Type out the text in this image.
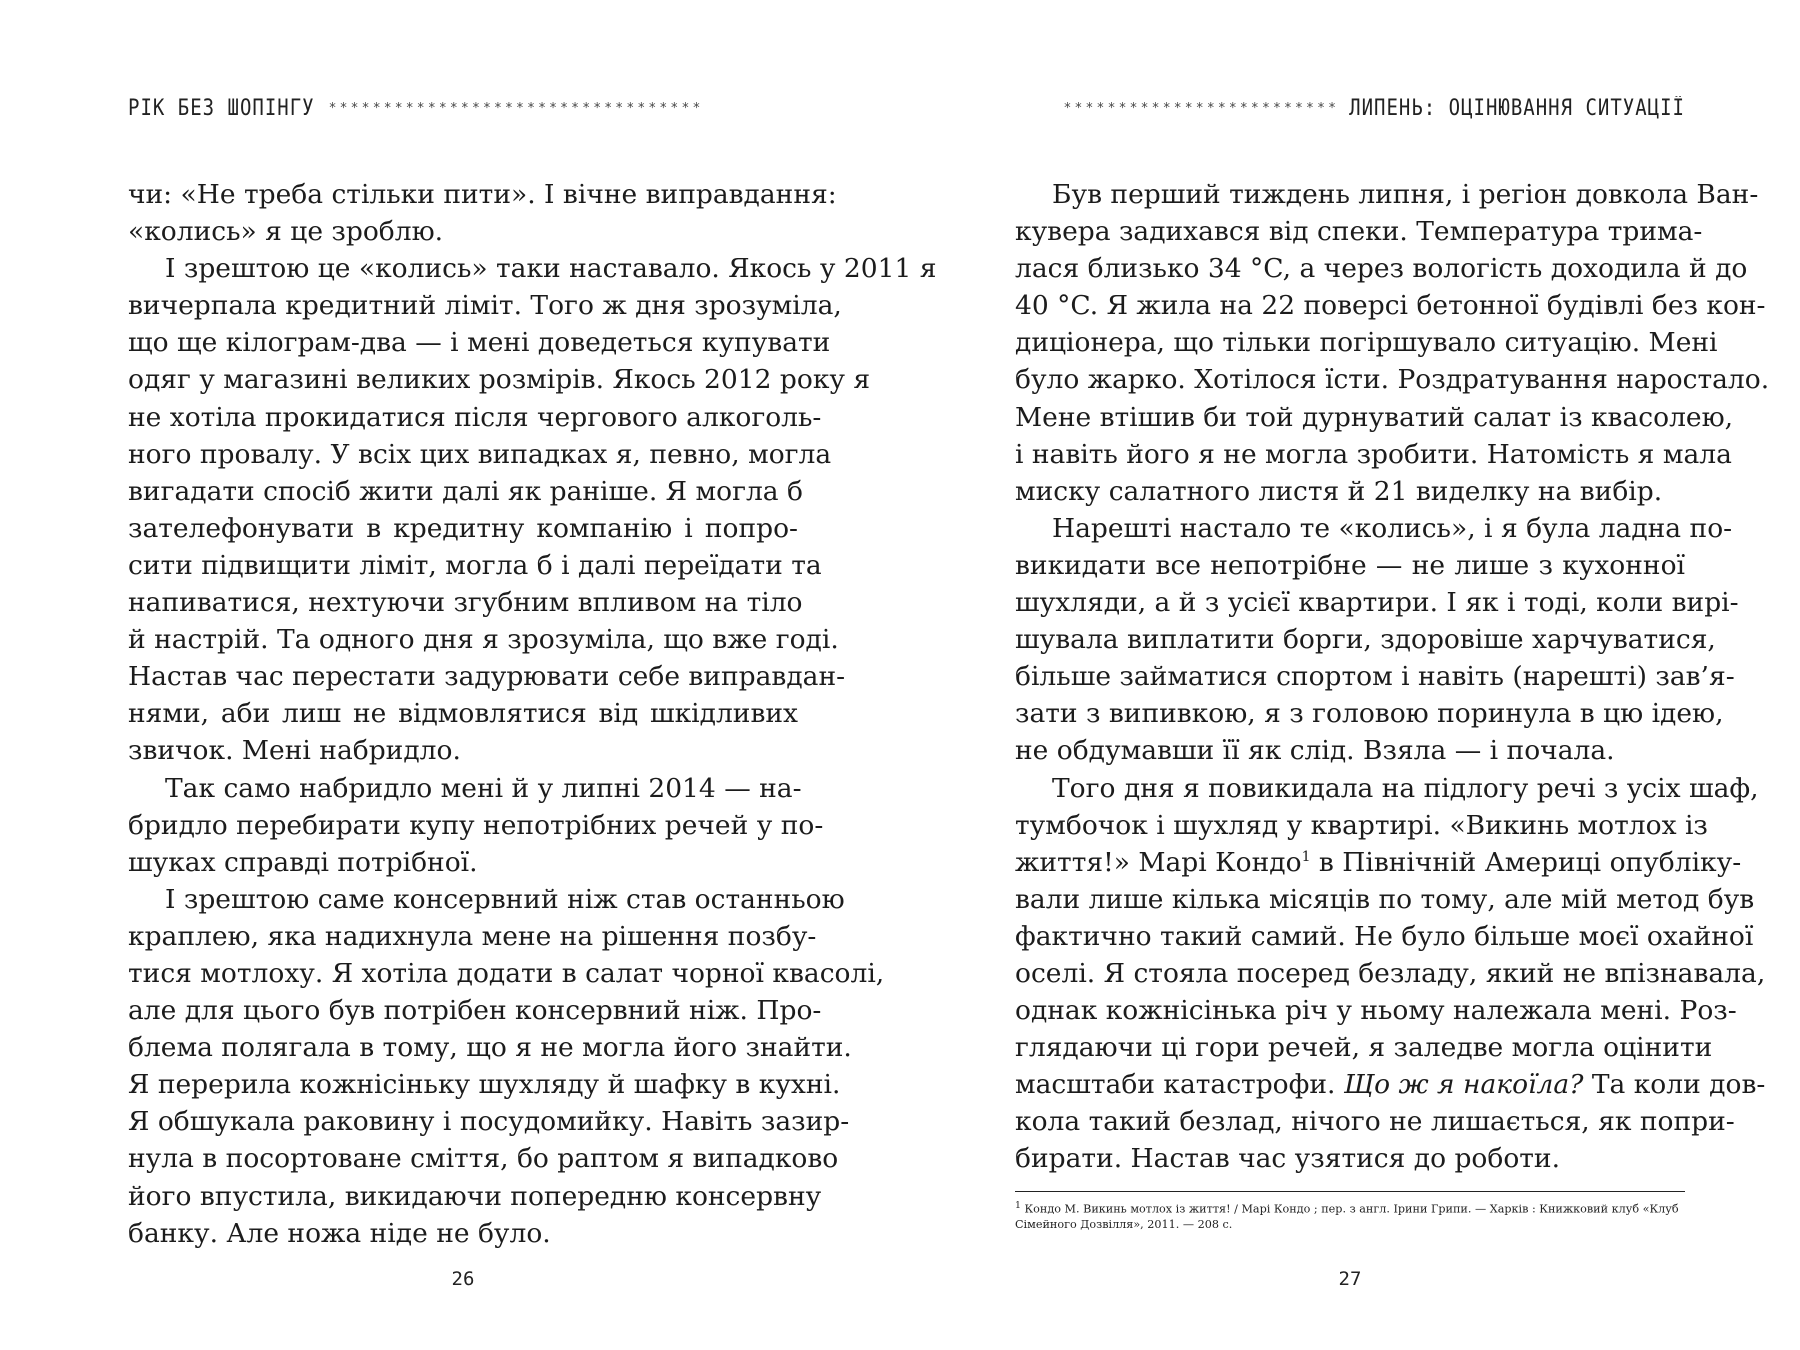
РІК БЕЗ ШОПІНГУ **********************************
чи: «Не треба стільки пити». І вічне виправдання:
«колись» я це зроблю.
І зрештою це «колись» таки наставало. Якось у 2011 я
вичерпала кредитний ліміт. Того ж дня зрозуміла,
що ще кілограм-два — і мені доведеться купувати
одяг у магазині великих розмірів. Якось 2012 року я
не хотіла прокидатися після чергового алкоголь-
ного провалу. У всіх цих випадках я, певно, могла
вигадати спосіб жити далі як раніше. Я могла б
зателефонувати в кредитну компанію і попро-
сити підвищити ліміт, могла б і далі переїдати та
напиватися, нехтуючи згубним впливом на тіло
й настрій. Та одного дня я зрозуміла, що вже годі.
Настав час перестати задурювати себе виправдан-
нями, аби лиш не відмовлятися від шкідливих
звичок. Мені набридло.
Так само набридло мені й у липні 2014 — на-
бридло перебирати купу непотрібних речей у по-
шуках справді потрібної.
І зрештою саме консервний ніж став останньою
краплею, яка надихнула мене на рішення позбу-
тися мотлоху. Я хотіла додати в салат чорної квасолі,
але для цього був потрібен консервний ніж. Про-
блема полягала в тому, що я не могла його знайти.
Я перерила кожнісіньку шухляду й шафку в кухні.
Я обшукала раковину і посудомийку. Навіть зазир-
нула в посортоване сміття, бо раптом я випадково
його впустила, викидаючи попередню консервну
банку. Але ножа ніде не було.
26
************************* ЛИПЕНЬ: ОЦІНЮВАННЯ СИТУАЦІЇ
Був перший тиждень липня, і регіон довкола Ван-
кувера задихався від спеки. Температура трима-
лася близько 34 °C, а через вологість доходила й до
40 °C. Я жила на 22 поверсі бетонної будівлі без кон-
диціонера, що тільки погіршувало ситуацію. Мені
було жарко. Хотілося їсти. Роздратування наростало.
Мене втішив би той дурнуватий салат із квасолею,
і навіть його я не могла зробити. Натомість я мала
миску салатного листя й 21 виделку на вибір.
Нарешті настало те «колись», і я була ладна по-
викидати все непотрібне — не лише з кухонної
шухляди, а й з усієї квартири. І як і тоді, коли вирі-
шувала виплатити борги, здоровіше харчуватися,
більше займатися спортом і навіть (нарешті) зав’я-
зати з випивкою, я з головою поринула в цю ідею,
не обдумавши її як слід. Взяла — і почала.
Того дня я повикидала на підлогу речі з усіх шаф,
тумбочок і шухляд у квартирі. «Викинь мотлох із
життя!» Марі Кондо$^1$ в Північній Америці опубліку-
вали лише кілька місяців по тому, але мій метод був
фактично такий самий. Не було більше моєї охайної
оселі. Я стояла посеред безладу, який не впізнавала,
однак кожнісінька річ у ньому належала мені. Роз-
глядаючи ці гори речей, я заледве могла оцінити
масштаби катастрофи. Що ж я накоїла? Та коли дов-
кола такий безлад, нічого не лишається, як попри-
бирати. Настав час узятися до роботи.
$^1$ Кондо М. Викинь мотлох із життя! / Марі Кондо ; пер. з англ. Ірини Грипи. — Харків : Книжковий клуб «Клуб
Сімейного Дозвілля», 2011. — 208 с.
27
